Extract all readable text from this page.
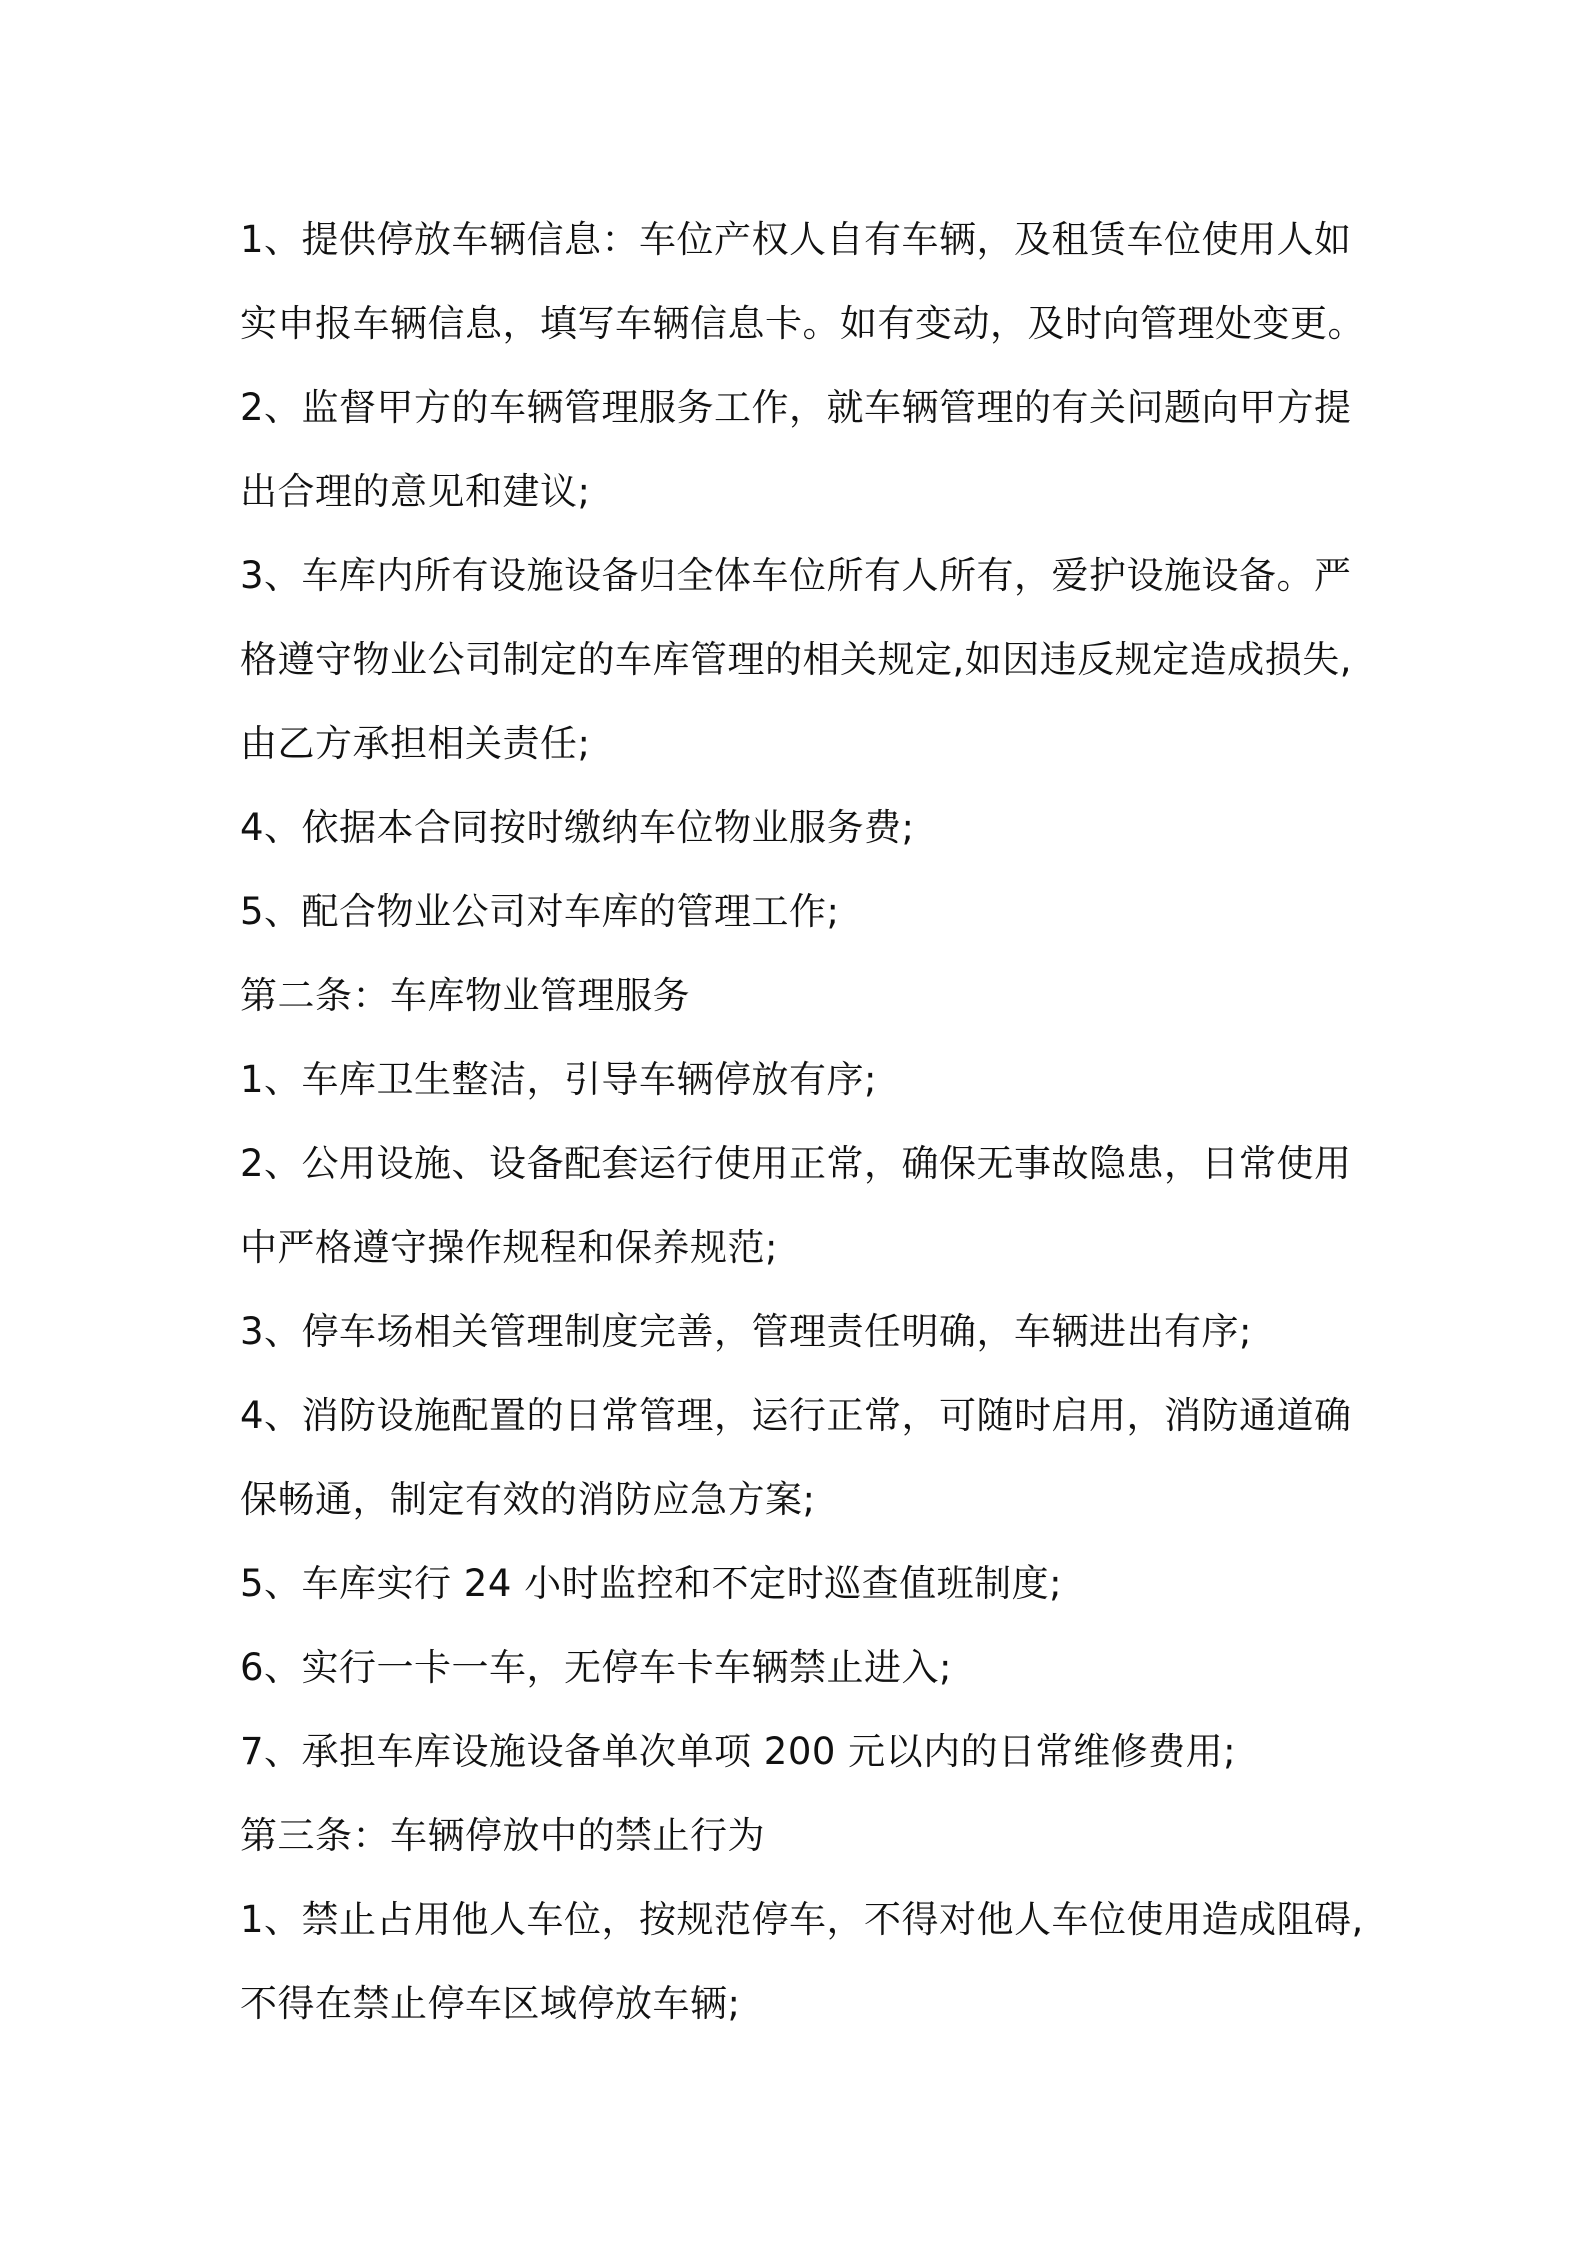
1、提供停放车辆信息：车位产权人自有车辆，及租赁车位使用人如
实申报车辆信息，填写车辆信息卡。如有变动，及时向管理处变更。
2、监督甲方的车辆管理服务工作，就车辆管理的有关问题向甲方提
出合理的意见和建议;
3、车库内所有设施设备归全体车位所有人所有，爱护设施设备。严
格遵守物业公司制定的车库管理的相关规定,如因违反规定造成损失,
由乙方承担相关责任;
4、依据本合同按时缴纳车位物业服务费;
5、配合物业公司对车库的管理工作;
第二条：车库物业管理服务
1、车库卫生整洁，引导车辆停放有序;
2、公用设施、设备配套运行使用正常，确保无事故隐患，日常使用
中严格遵守操作规程和保养规范;
3、停车场相关管理制度完善，管理责任明确，车辆进出有序;
4、消防设施配置的日常管理，运行正常，可随时启用，消防通道确
保畅通，制定有效的消防应急方案;
5、车库实行 24 小时监控和不定时巡查值班制度;
6、实行一卡一车，无停车卡车辆禁止进入;
7、承担车库设施设备单次单项 200 元以内的日常维修费用;
第三条：车辆停放中的禁止行为
1、禁止占用他人车位，按规范停车，不得对他人车位使用造成阻碍,
不得在禁止停车区域停放车辆;
